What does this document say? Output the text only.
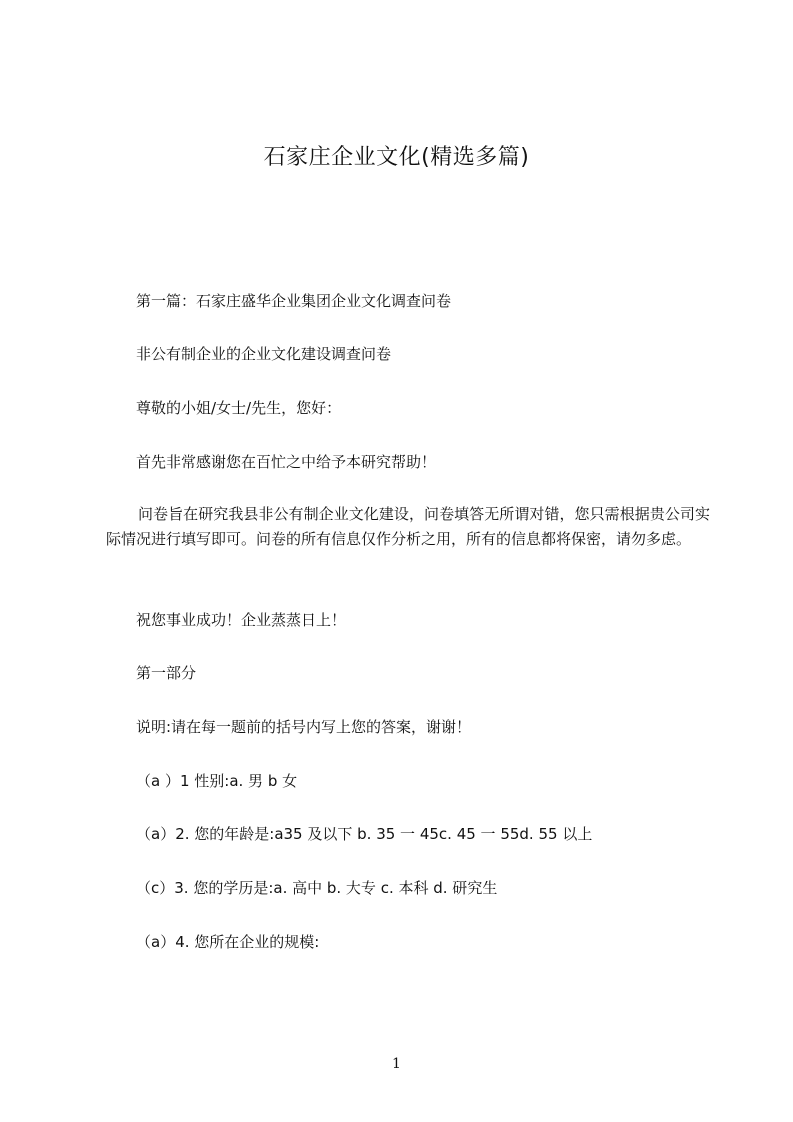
石家庄企业文化(精选多篇)
第一篇：石家庄盛华企业集团企业文化调查问卷
非公有制企业的企业文化建设调查问卷
尊敬的小姐/女士/先生，您好：
首先非常感谢您在百忙之中给予本研究帮助！
问卷旨在研究我县非公有制企业文化建设，问卷填答无所谓对错，您只需根据贵公司实际情况进行填写即可。问卷的所有信息仅作分析之用，所有的信息都将保密，请勿多虑。
祝您事业成功！企业蒸蒸日上！
第一部分
说明:请在每一题前的括号内写上您的答案，谢谢！
（a ）1 性别:a. 男 b 女
（a）2. 您的年龄是:a35 及以下 b. 35 一 45c. 45 一 55d. 55 以上
（c）3. 您的学历是:a. 高中 b. 大专 c. 本科 d. 研究生
（a）4. 您所在企业的规模:
1
